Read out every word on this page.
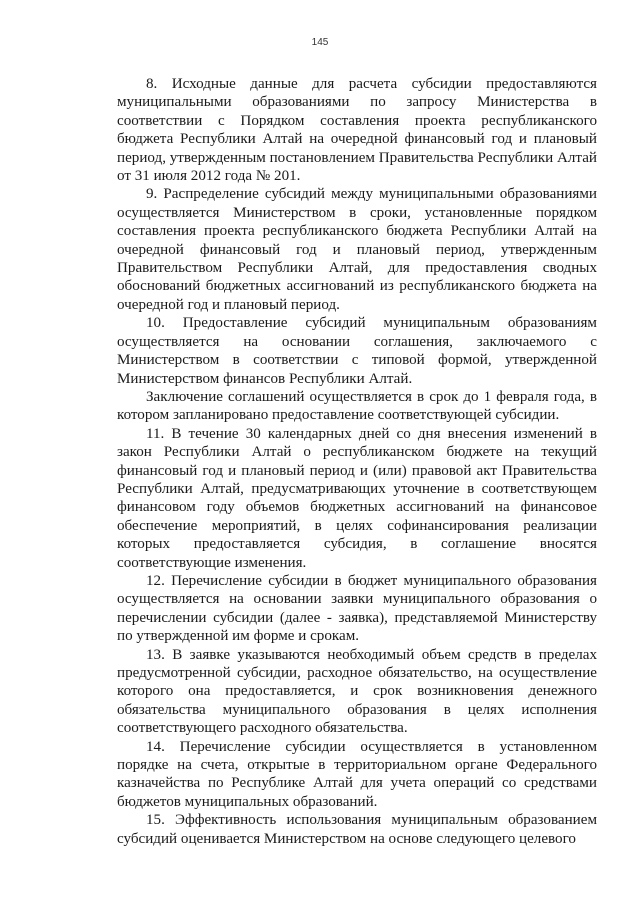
145

8. Исходные данные для расчета субсидии предоставляются муниципальными образованиями по запросу Министерства в соответствии с Порядком составления проекта республиканского бюджета Республики Алтай на очередной финансовый год и плановый период, утвержденным постановлением Правительства Республики Алтай от 31 июля 2012 года № 201.

9. Распределение субсидий между муниципальными образованиями осуществляется Министерством в сроки, установленные порядком составления проекта республиканского бюджета Республики Алтай на очередной финансовый год и плановый период, утвержденным Правительством Республики Алтай, для предоставления сводных обоснований бюджетных ассигнований из республиканского бюджета на очередной год и плановый период.

10. Предоставление субсидий муниципальным образованиям осуществляется на основании соглашения, заключаемого с Министерством в соответствии с типовой формой, утвержденной Министерством финансов Республики Алтай.

Заключение соглашений осуществляется в срок до 1 февраля года, в котором запланировано предоставление соответствующей субсидии.

11. В течение 30 календарных дней со дня внесения изменений в закон Республики Алтай о республиканском бюджете на текущий финансовый год и плановый период и (или) правовой акт Правительства Республики Алтай, предусматривающих уточнение в соответствующем финансовом году объемов бюджетных ассигнований на финансовое обеспечение мероприятий, в целях софинансирования реализации которых предоставляется субсидия, в соглашение вносятся соответствующие изменения.

12. Перечисление субсидии в бюджет муниципального образования осуществляется на основании заявки муниципального образования о перечислении субсидии (далее - заявка), представляемой Министерству по утвержденной им форме и срокам.

13. В заявке указываются необходимый объем средств в пределах предусмотренной субсидии, расходное обязательство, на осуществление которого она предоставляется, и срок возникновения денежного обязательства муниципального образования в целях исполнения соответствующего расходного обязательства.

14. Перечисление субсидии осуществляется в установленном порядке на счета, открытые в территориальном органе Федерального казначейства по Республике Алтай для учета операций со средствами бюджетов муниципальных образований.

15. Эффективность использования муниципальным образованием субсидий оценивается Министерством на основе следующего целевого
